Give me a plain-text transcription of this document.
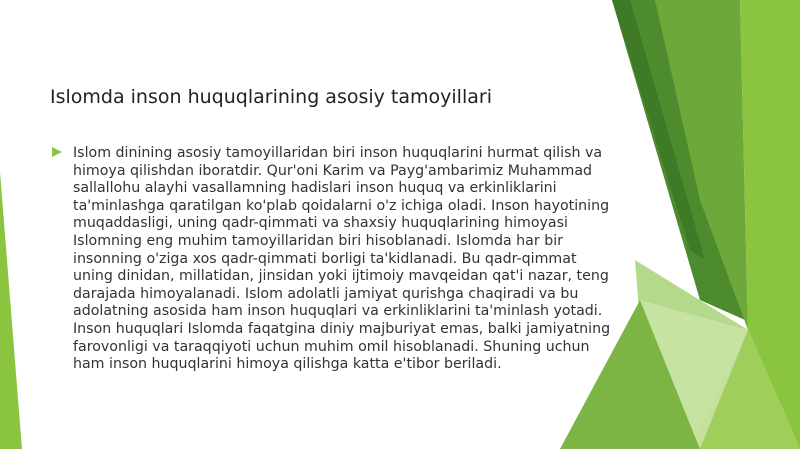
Islomda inson huquqlarining asosiy tamoyillari

Islom dinining asosiy tamoyillaridan biri inson huquqlarini hurmat qilish va himoya qilishdan iboratdir. Qur'oni Karim va Payg'ambarimiz Muhammad sallallohu alayhi vasallamning hadislari inson huquq va erkinliklarini ta'minlashga qaratilgan ko'plab qoidalarni o'z ichiga oladi. Inson hayotining muqaddasligi, uning qadr-qimmati va shaxsiy huquqlarining himoyasi Islomning eng muhim tamoyillaridan biri hisoblanadi. Islomda har bir insonning o'ziga xos qadr-qimmati borligi ta'kidlanadi. Bu qadr-qimmat uning dinidan, millatidan, jinsidan yoki ijtimoiy mavqeidan qat'i nazar, teng darajada himoyalanadi. Islom adolatli jamiyat qurishga chaqiradi va bu adolatning asosida ham inson huquqlari va erkinliklarini ta'minlash yotadi. Inson huquqlari Islomda faqatgina diniy majburiyat emas, balki jamiyatning farovonligi va taraqqiyoti uchun muhim omil hisoblanadi. Shuning uchun ham inson huquqlarini himoya qilishga katta e'tibor beriladi.
